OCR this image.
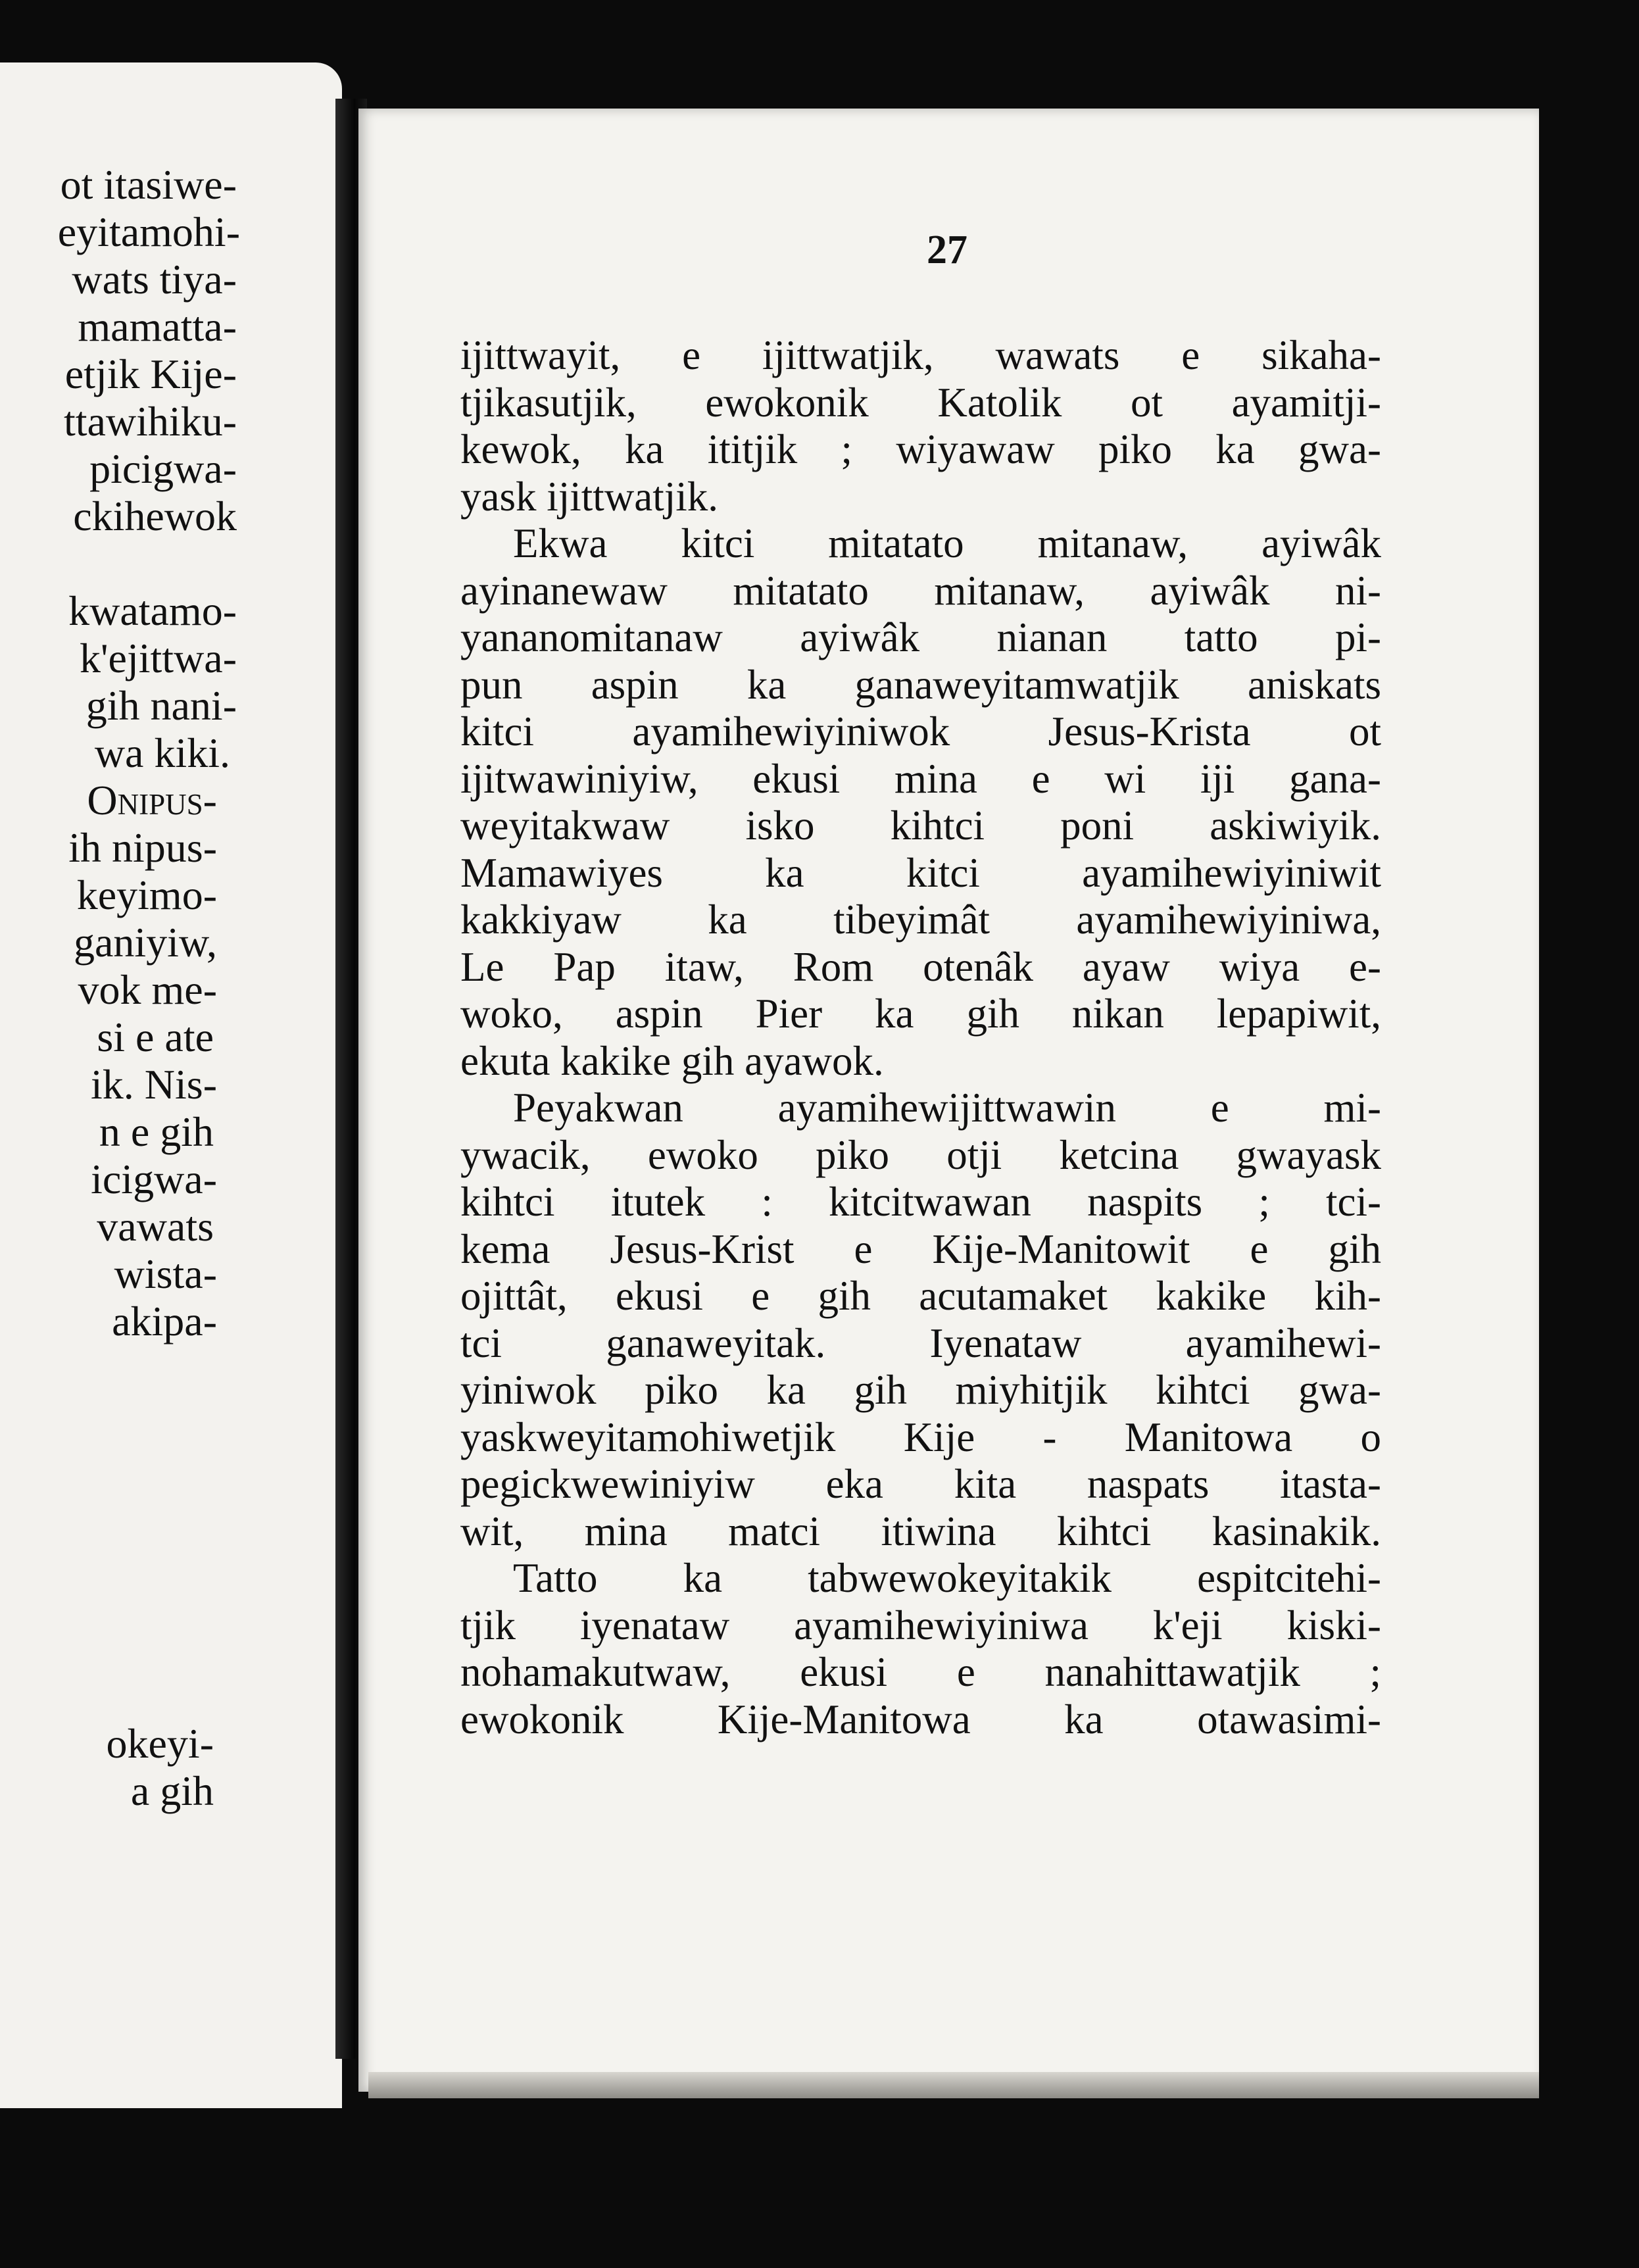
ot itasiwe-
eyitamohi-
wats tiya-
mamatta-
etjik Kije-
ttawihiku-
picigwa-
ckihewok
kwatamo-
k'ejittwa-
gih nani-
wa kiki.
Onipus-
ih nipus-
keyimo-
ganiyiw,
vok me-
si e ate
ik. Nis-
n e gih
icigwa-
vawats
wista-
akipa-
okeyi-
a gih
27
ijittwayit, e ijittwatjik, wawats e sikaha-
tjikasutjik, ewokonik Katolik ot ayamitji-
kewok, ka ititjik ; wiyawaw piko ka gwa-
yask ijittwatjik.
Ekwa kitci mitatato mitanaw, ayiwâk
ayinanewaw mitatato mitanaw, ayiwâk ni-
yananomitanaw ayiwâk nianan tatto pi-
pun aspin ka ganaweyitamwatjik aniskats
kitci ayamihewiyiniwok Jesus-Krista ot
ijitwawiniyiw, ekusi mina e wi iji gana-
weyitakwaw isko kihtci poni askiwiyik.
Mamawiyes ka kitci ayamihewiyiniwit
kakkiyaw ka tibeyimât ayamihewiyiniwa,
Le Pap itaw, Rom otenâk ayaw wiya e-
woko, aspin Pier ka gih nikan lepapiwit,
ekuta kakike gih ayawok.
Peyakwan ayamihewijittwawin e mi-
ywacik, ewoko piko otji ketcina gwayask
kihtci itutek : kitcitwawan naspits ; tci-
kema Jesus-Krist e Kije-Manitowit e gih
ojittât, ekusi e gih acutamaket kakike kih-
tci ganaweyitak. Iyenataw ayamihewi-
yiniwok piko ka gih miyhitjik kihtci gwa-
yaskweyitamohiwetjik Kije - Manitowa o
pegickwewiniyiw eka kita naspats itasta-
wit, mina matci itiwina kihtci kasinakik.
Tatto ka tabwewokeyitakik espitcitehi-
tjik iyenataw ayamihewiyiniwa k'eji kiski-
nohamakutwaw, ekusi e nanahittawatjik ;
ewokonik Kije-Manitowa ka otawasimi-
